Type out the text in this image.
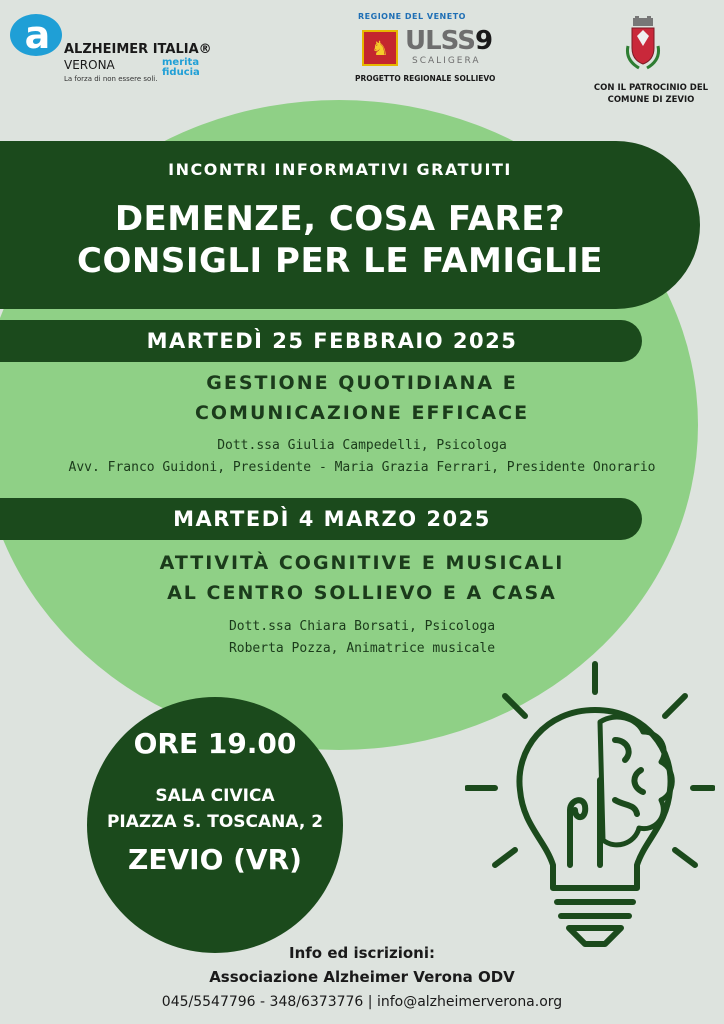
a ALZHEIMER ITALIA®
VERONA
La forza di non essere soli.
merita
fiducia
REGIONE DEL VENETO
♞ ULSS9
SCALIGERA
PROGETTO REGIONALE SOLLIEVO
CON IL PATROCINIO DEL
COMUNE DI ZEVIO
INCONTRI INFORMATIVI GRATUITI
DEMENZE, COSA FARE?
CONSIGLI PER LE FAMIGLIE
MARTEDÌ 25 FEBBRAIO 2025
GESTIONE QUOTIDIANA E
COMUNICAZIONE EFFICACE
Dott.ssa Giulia Campedelli, Psicologa
Avv. Franco Guidoni, Presidente - Maria Grazia Ferrari, Presidente Onorario
MARTEDÌ 4 MARZO 2025
ATTIVITÀ COGNITIVE E MUSICALI
AL CENTRO SOLLIEVO E A CASA
Dott.ssa Chiara Borsati, Psicologa
Roberta Pozza, Animatrice musicale
ORE 19.00
SALA CIVICA
PIAZZA S. TOSCANA, 2
ZEVIO (VR)
Info ed iscrizioni:
Associazione Alzheimer Verona ODV
045/5547796 - 348/6373776 | info@alzheimerverona.org
